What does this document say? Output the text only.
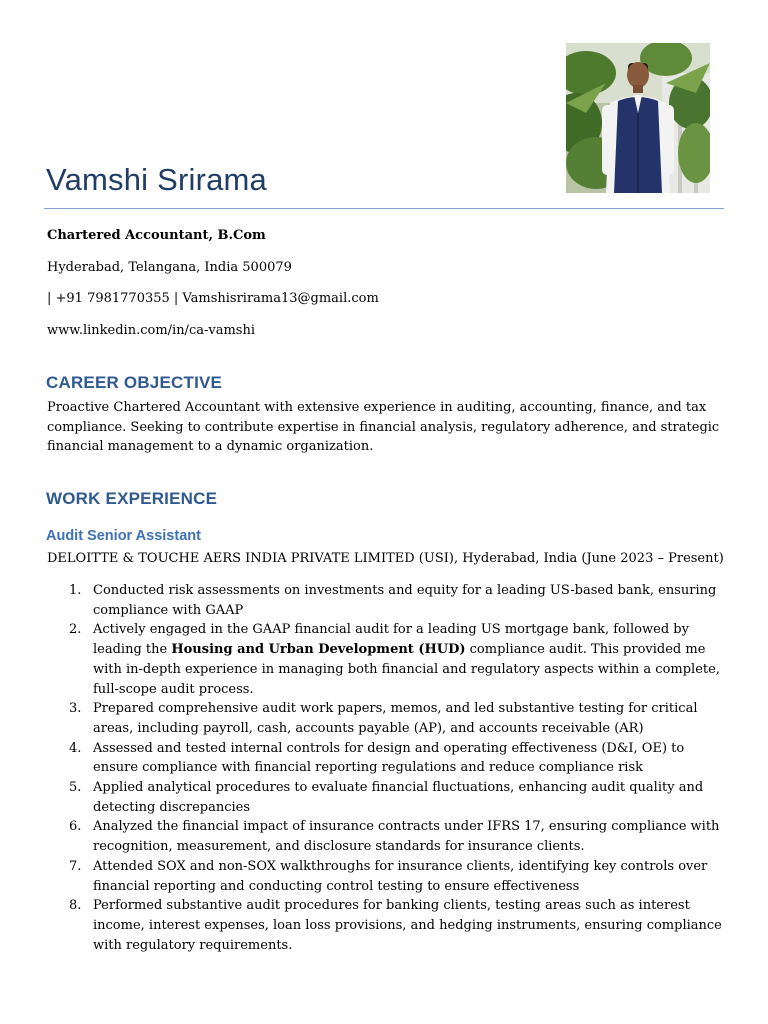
Vamshi Srirama
Chartered Accountant, B.Com
Hyderabad, Telangana, India 500079
| +91 7981770355 | Vamshisrirama13@gmail.com
www.linkedin.com/in/ca-vamshi
CAREER OBJECTIVE
Proactive Chartered Accountant with extensive experience in auditing, accounting, finance, and tax compliance. Seeking to contribute expertise in financial analysis, regulatory adherence, and strategic financial management to a dynamic organization.
WORK EXPERIENCE
Audit Senior Assistant
DELOITTE & TOUCHE AERS INDIA PRIVATE LIMITED (USI), Hyderabad, India (June 2023 – Present)
1. Conducted risk assessments on investments and equity for a leading US-based bank, ensuring compliance with GAAP
2. Actively engaged in the GAAP financial audit for a leading US mortgage bank, followed by leading the Housing and Urban Development (HUD) compliance audit. This provided me with in-depth experience in managing both financial and regulatory aspects within a complete, full-scope audit process.
3. Prepared comprehensive audit work papers, memos, and led substantive testing for critical areas, including payroll, cash, accounts payable (AP), and accounts receivable (AR)
4. Assessed and tested internal controls for design and operating effectiveness (D&I, OE) to ensure compliance with financial reporting regulations and reduce compliance risk
5. Applied analytical procedures to evaluate financial fluctuations, enhancing audit quality and detecting discrepancies
6. Analyzed the financial impact of insurance contracts under IFRS 17, ensuring compliance with recognition, measurement, and disclosure standards for insurance clients.
7. Attended SOX and non-SOX walkthroughs for insurance clients, identifying key controls over financial reporting and conducting control testing to ensure effectiveness
8. Performed substantive audit procedures for banking clients, testing areas such as interest income, interest expenses, loan loss provisions, and hedging instruments, ensuring compliance with regulatory requirements.
